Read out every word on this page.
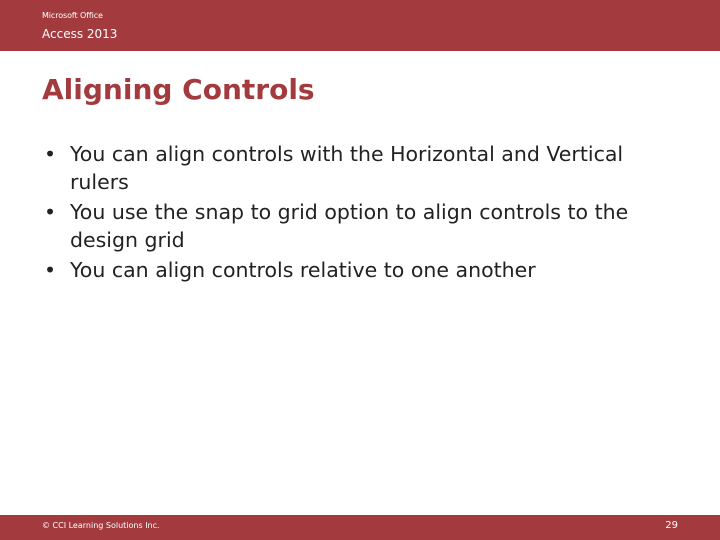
Microsoft Office
Access 2013
Aligning Controls
• You can align controls with the Horizontal and Vertical rulers
• You use the snap to grid option to align controls to the design grid
• You can align controls relative to one another
© CCI Learning Solutions Inc.	29
